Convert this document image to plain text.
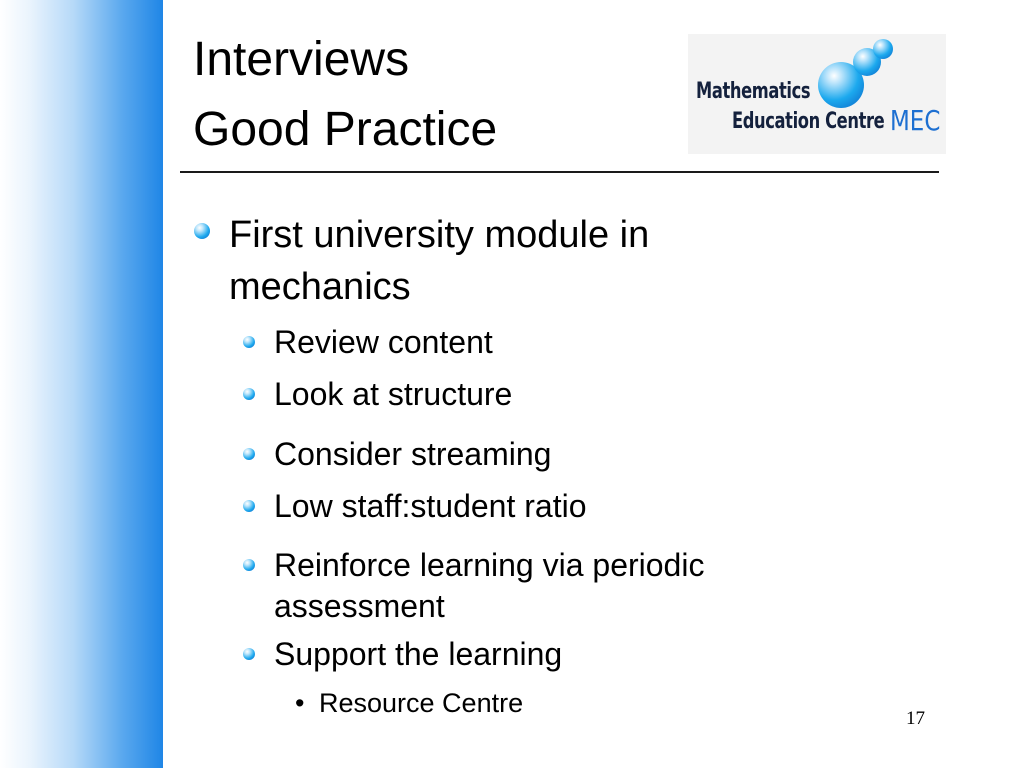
Interviews
Good Practice
Mathematics
Education Centre MEC
First university module in
mechanics
Review content
Look at structure
Consider streaming
Low staff:student ratio
Reinforce learning via periodic
assessment
Support the learning
• Resource Centre
17
